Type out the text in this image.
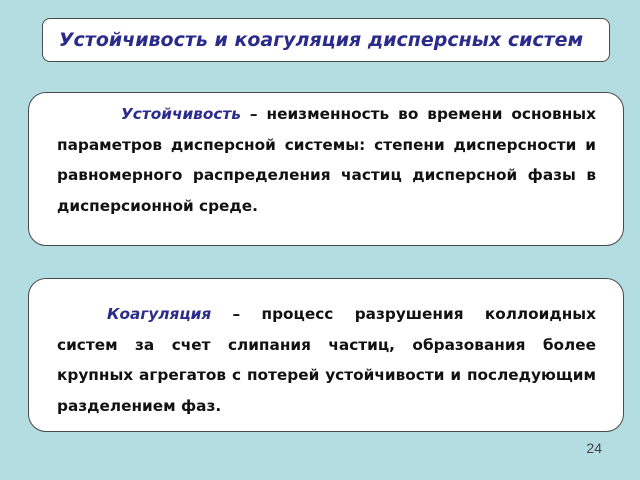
Устойчивость и коагуляция дисперсных систем

Устойчивость – неизменность во времени основных параметров дисперсной системы: степени дисперсности и равномерного распределения частиц дисперсной фазы в дисперсионной среде.

Коагуляция – процесс разрушения коллоидных систем за счет слипания частиц, образования более крупных агрегатов с потерей устойчивости и последующим разделением фаз.

24
